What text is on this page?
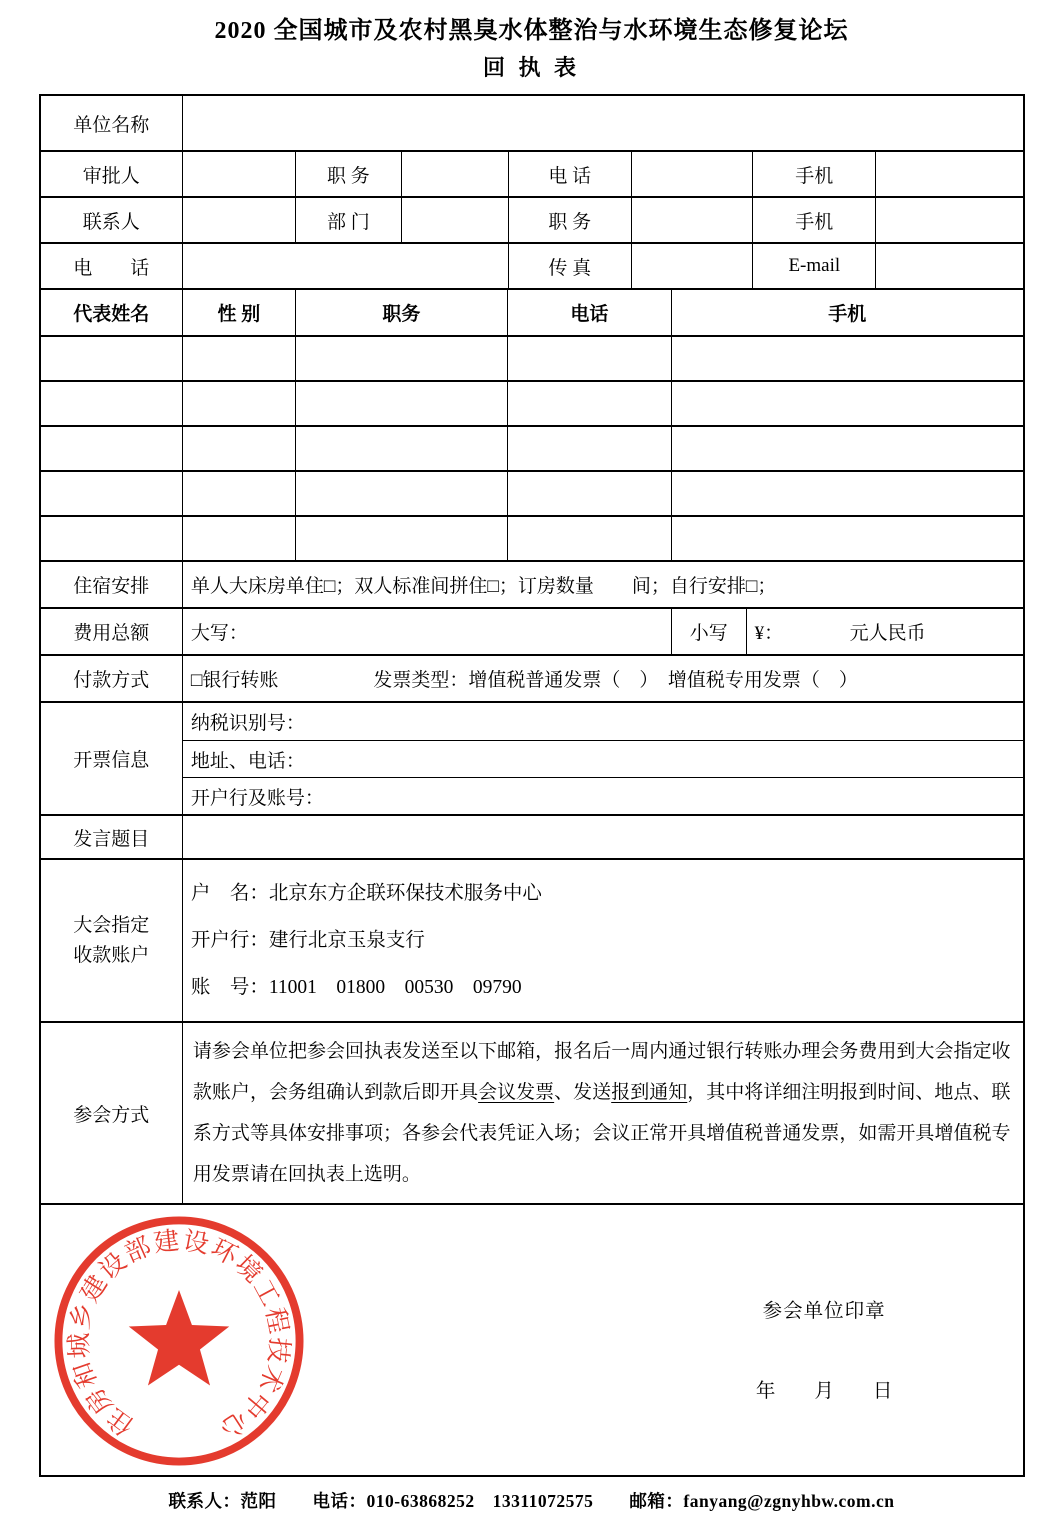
2020 全国城市及农村黑臭水体整治与水环境生态修复论坛
回 执 表
单位名称
审批人	职 务	电 话	手机
联系人	部 门	职 务	手机
电　　话	传 真	E-mail
代表姓名	性 别	职务	电话	手机
住宿安排	单人大床房单住□；双人标准间拼住□；订房数量　　间；自行安排□；
费用总额	大写：	小写	¥：　　　　元人民币
付款方式	□银行转账　　　　　发票类型：增值税普通发票（　）　增值税专用发票（　）
开票信息
纳税识别号：
地址、电话：
开户行及账号：
发言题目
大会指定
收款账户
户　名：北京东方企联环保技术服务中心
开户行：建行北京玉泉支行
账　号：11001　01800　00530　09790
参会方式
请参会单位把参会回执表发送至以下邮箱，报名后一周内通过银行转账办理会务费用到大会指定收款账户，会务组确认到款后即开具会议发票、发送报到通知，其中将详细注明报到时间、地点、联系方式等具体安排事项；各参会代表凭证入场；会议正常开具增值税普通发票，如需开具增值税专用发票请在回执表上选明。
住房和城乡建设部建设环境工程技术中心
参会单位印章
年　　月　　日
联系人：范阳　　电话：010-63868252　13311072575　　邮箱：fanyang@zgnyhbw.com.cn
